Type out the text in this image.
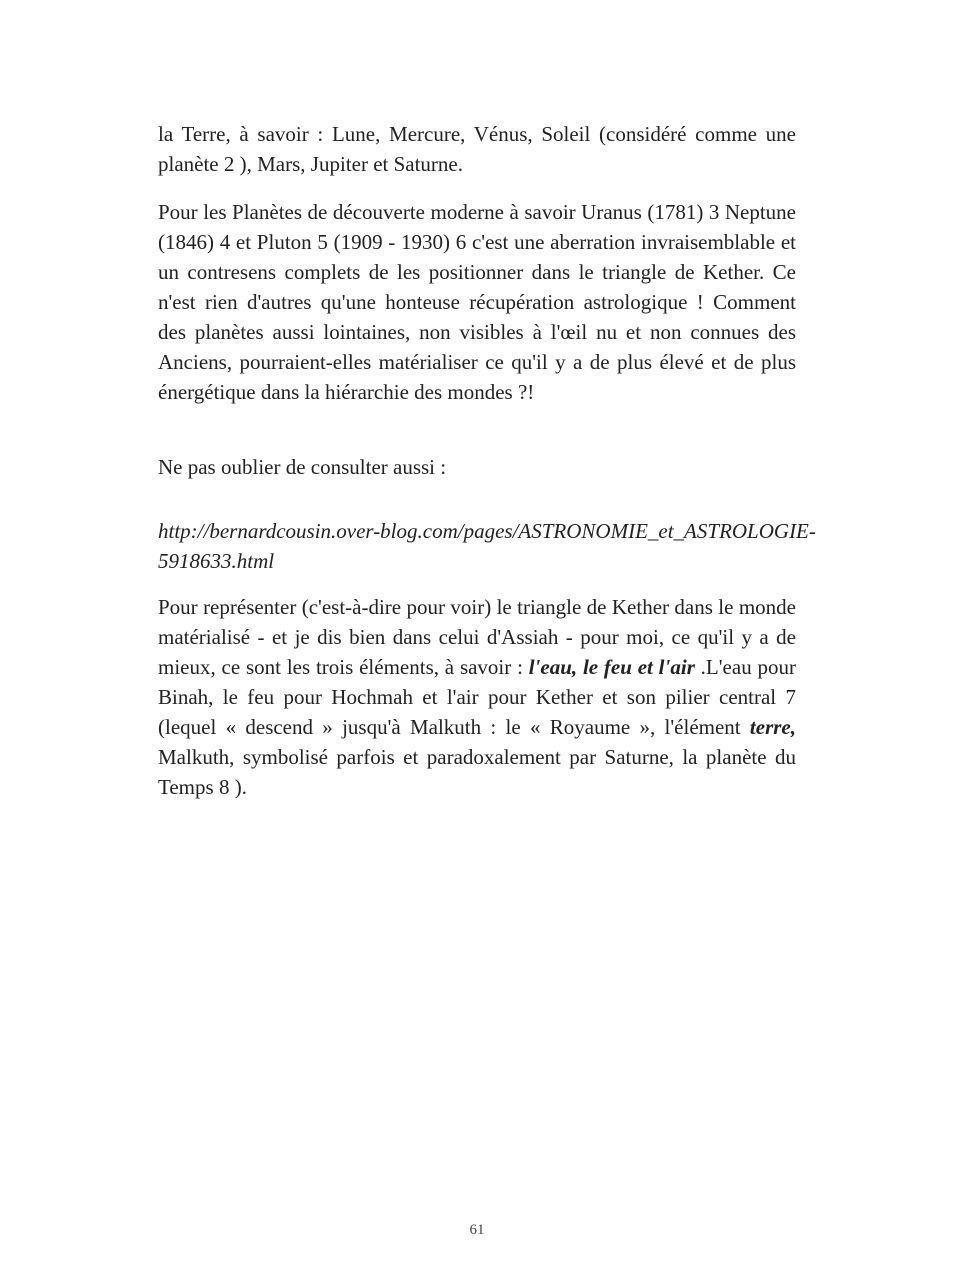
la Terre, à savoir : Lune, Mercure, Vénus, Soleil (considéré comme une planète 2 ), Mars, Jupiter et Saturne.

Pour les Planètes de découverte moderne à savoir Uranus (1781) 3 Neptune (1846) 4 et Pluton 5 (1909 - 1930) 6 c'est une aberration invraisemblable et un contresens complets de les positionner dans le triangle de Kether. Ce n'est rien d'autres qu'une honteuse récupération astrologique ! Comment des planètes aussi lointaines, non visibles à l'œil nu et non connues des Anciens, pourraient-elles matérialiser ce qu'il y a de plus élevé et de plus énergétique dans la hiérarchie des mondes ?!

Ne pas oublier de consulter aussi :

http://bernardcousin.over-blog.com/pages/ASTRONOMIE_et_ASTROLOGIE-5918633.html

Pour représenter (c'est-à-dire pour voir) le triangle de Kether dans le monde matérialisé - et je dis bien dans celui d'Assiah - pour moi, ce qu'il y a de mieux, ce sont les trois éléments, à savoir : l'eau, le feu et l'air .L'eau pour Binah, le feu pour Hochmah et l'air pour Kether et son pilier central 7 (lequel « descend » jusqu'à Malkuth : le « Royaume », l'élément terre, Malkuth, symbolisé parfois et paradoxalement par Saturne, la planète du Temps 8 ).

61
